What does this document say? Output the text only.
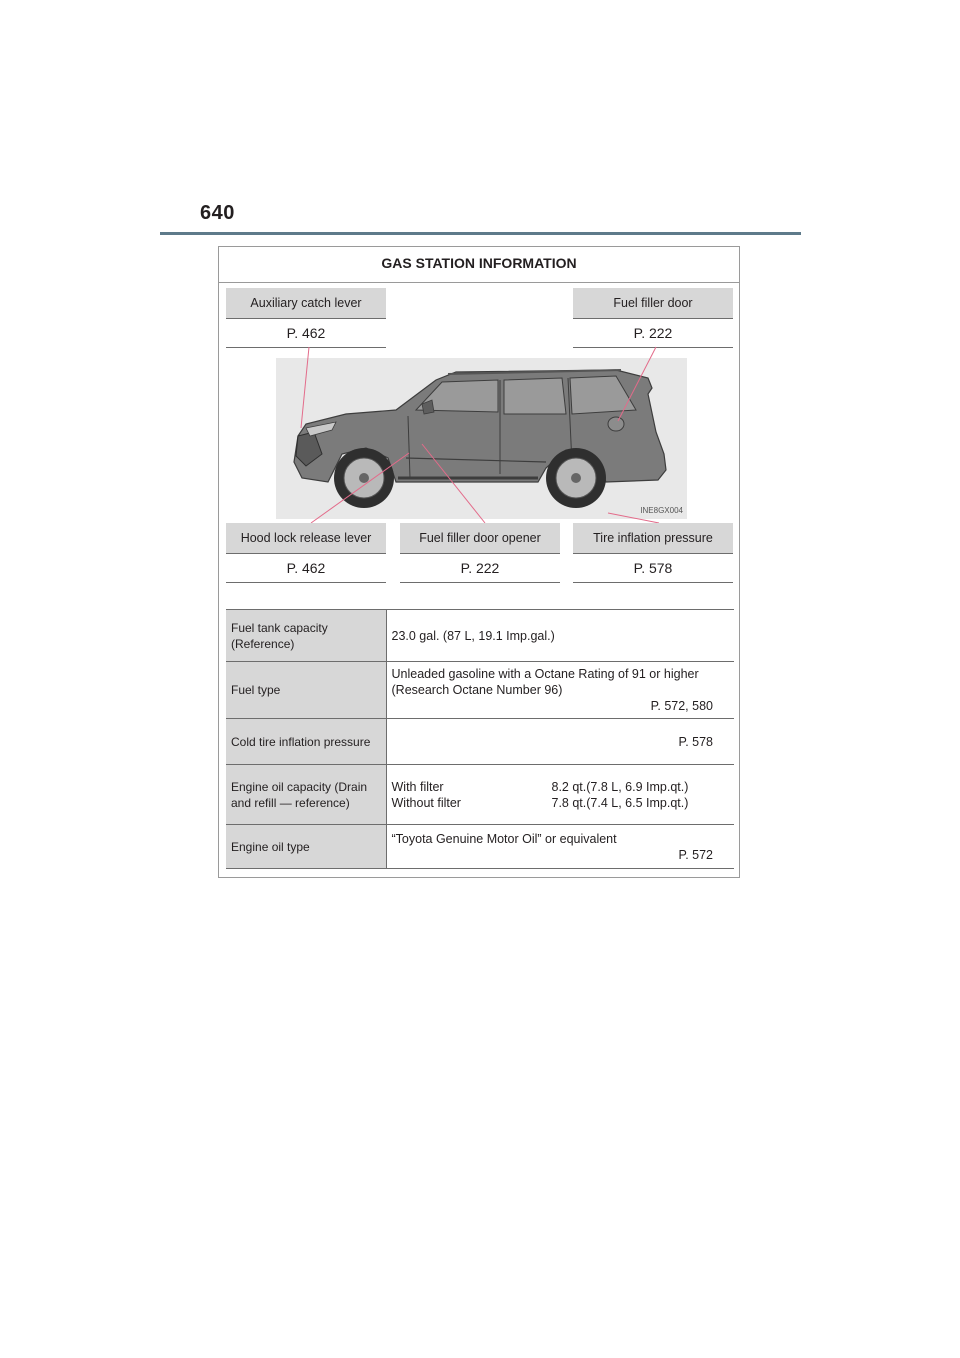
640
GAS STATION INFORMATION
Auxiliary catch lever
P. 462
Fuel filler door
P. 222
INE8GX004
Hood lock release lever
P. 462
Fuel filler door opener
P. 222
Tire inflation pressure
P. 578
Fuel tank capacity (Reference)	23.0 gal. (87 L, 19.1 Imp.gal.)
Fuel type	Unleaded gasoline with a Octane Rating of 91 or higher
(Research Octane Number 96)
P. 572, 580

Cold tire inflation pressure	P. 578
Engine oil capacity (Drain and refill — reference)	With filter 8.2 qt.(7.8 L, 6.9 Imp.qt.)
Without filter 7.8 qt.(7.4 L, 6.5 Imp.qt.)

Engine oil type	“Toyota Genuine Motor Oil” or equivalent
P. 572
